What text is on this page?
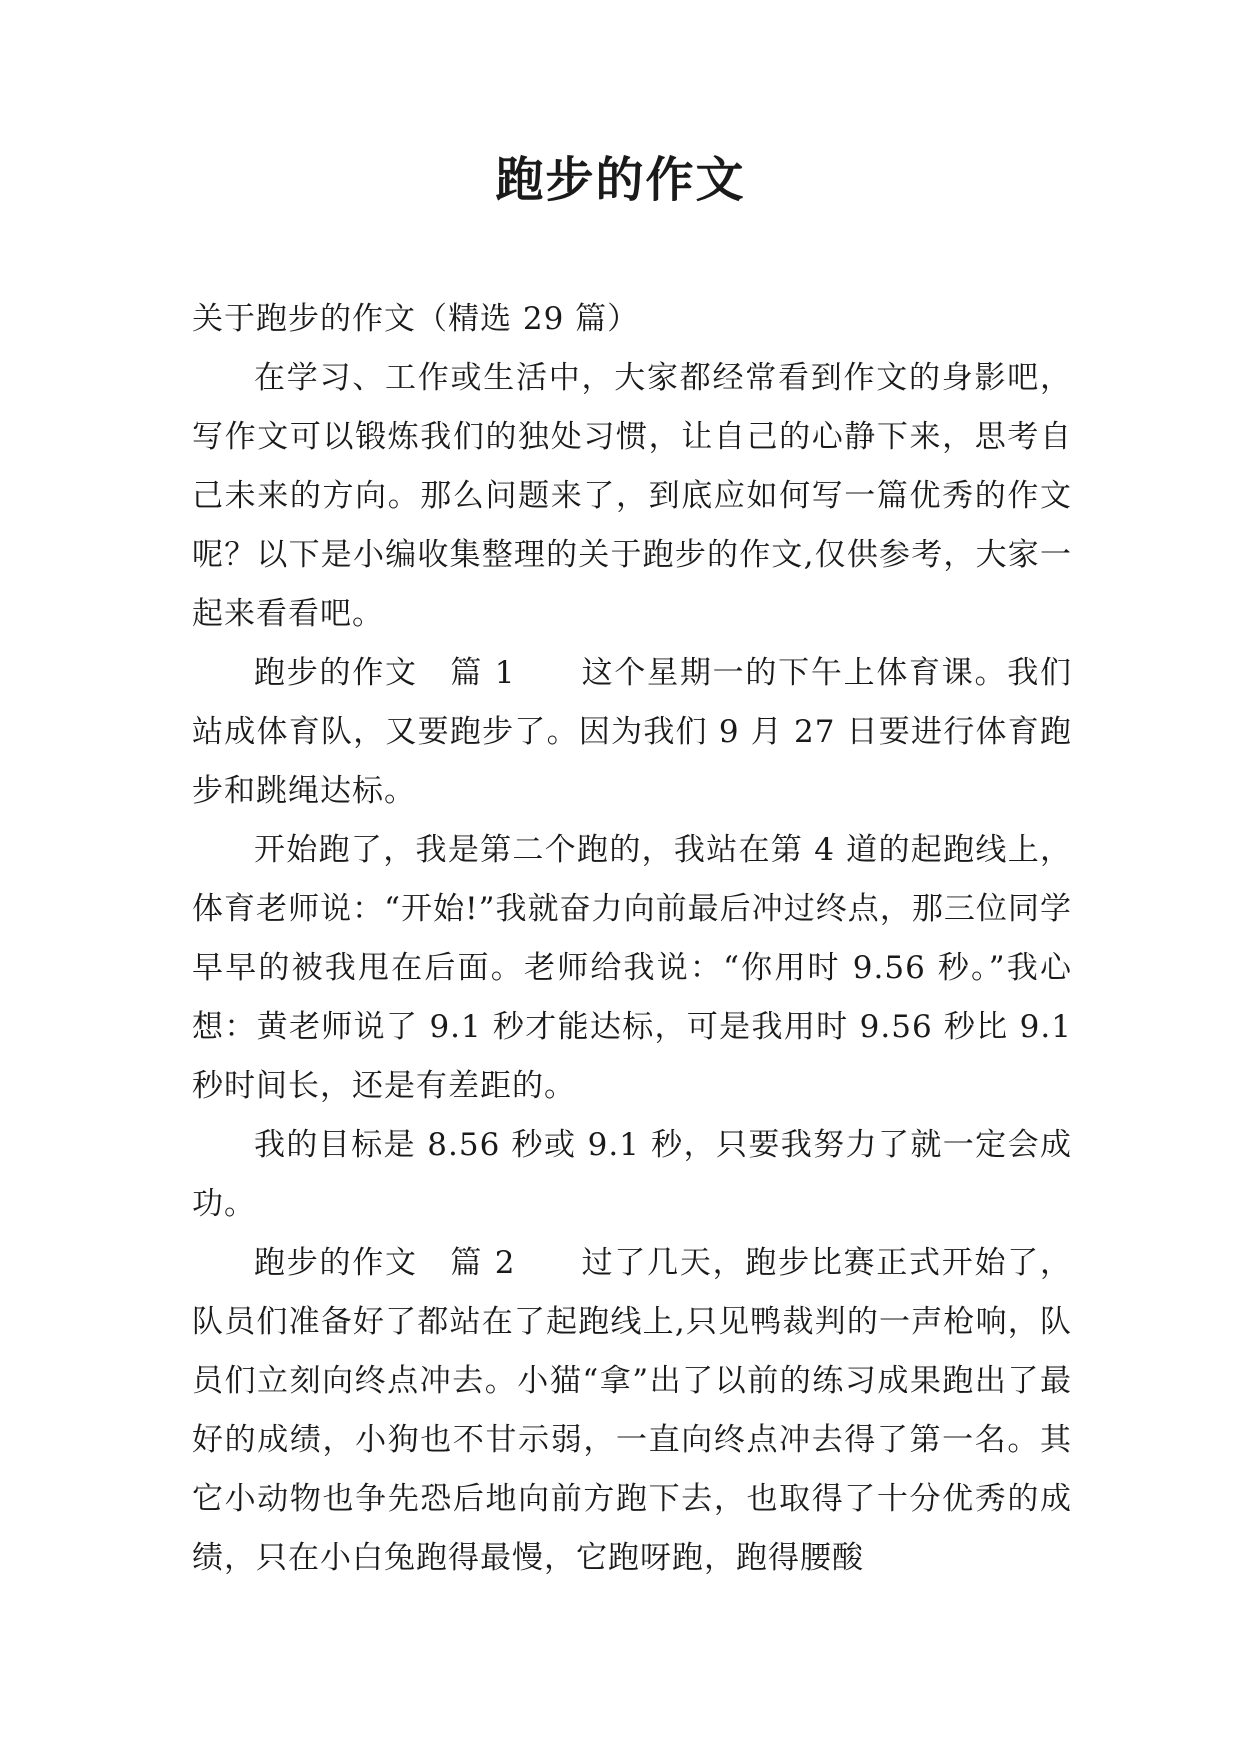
跑步的作文

关于跑步的作文（精选 29 篇）

在学习、工作或生活中，大家都经常看到作文的身影吧，写作文可以锻炼我们的独处习惯，让自己的心静下来，思考自己未来的方向。那么问题来了，到底应如何写一篇优秀的作文呢？以下是小编收集整理的关于跑步的作文,仅供参考，大家一起来看看吧。

跑步的作文　篇 1　　这个星期一的下午上体育课。我们站成体育队，又要跑步了。因为我们 9 月 27 日要进行体育跑步和跳绳达标。

开始跑了，我是第二个跑的，我站在第 4 道的起跑线上，体育老师说：“开始!”我就奋力向前最后冲过终点，那三位同学早早的被我甩在后面。老师给我说：“你用时 9.56 秒。”我心想：黄老师说了 9.1 秒才能达标，可是我用时 9.56 秒比 9.1 秒时间长，还是有差距的。

我的目标是 8.56 秒或 9.1 秒，只要我努力了就一定会成功。

跑步的作文　篇 2　　过了几天，跑步比赛正式开始了，队员们准备好了都站在了起跑线上,只见鸭裁判的一声枪响，队员们立刻向终点冲去。小猫“拿”出了以前的练习成果跑出了最好的成绩，小狗也不甘示弱，一直向终点冲去得了第一名。其它小动物也争先恐后地向前方跑下去，也取得了十分优秀的成绩，只在小白兔跑得最慢，它跑呀跑，跑得腰酸
